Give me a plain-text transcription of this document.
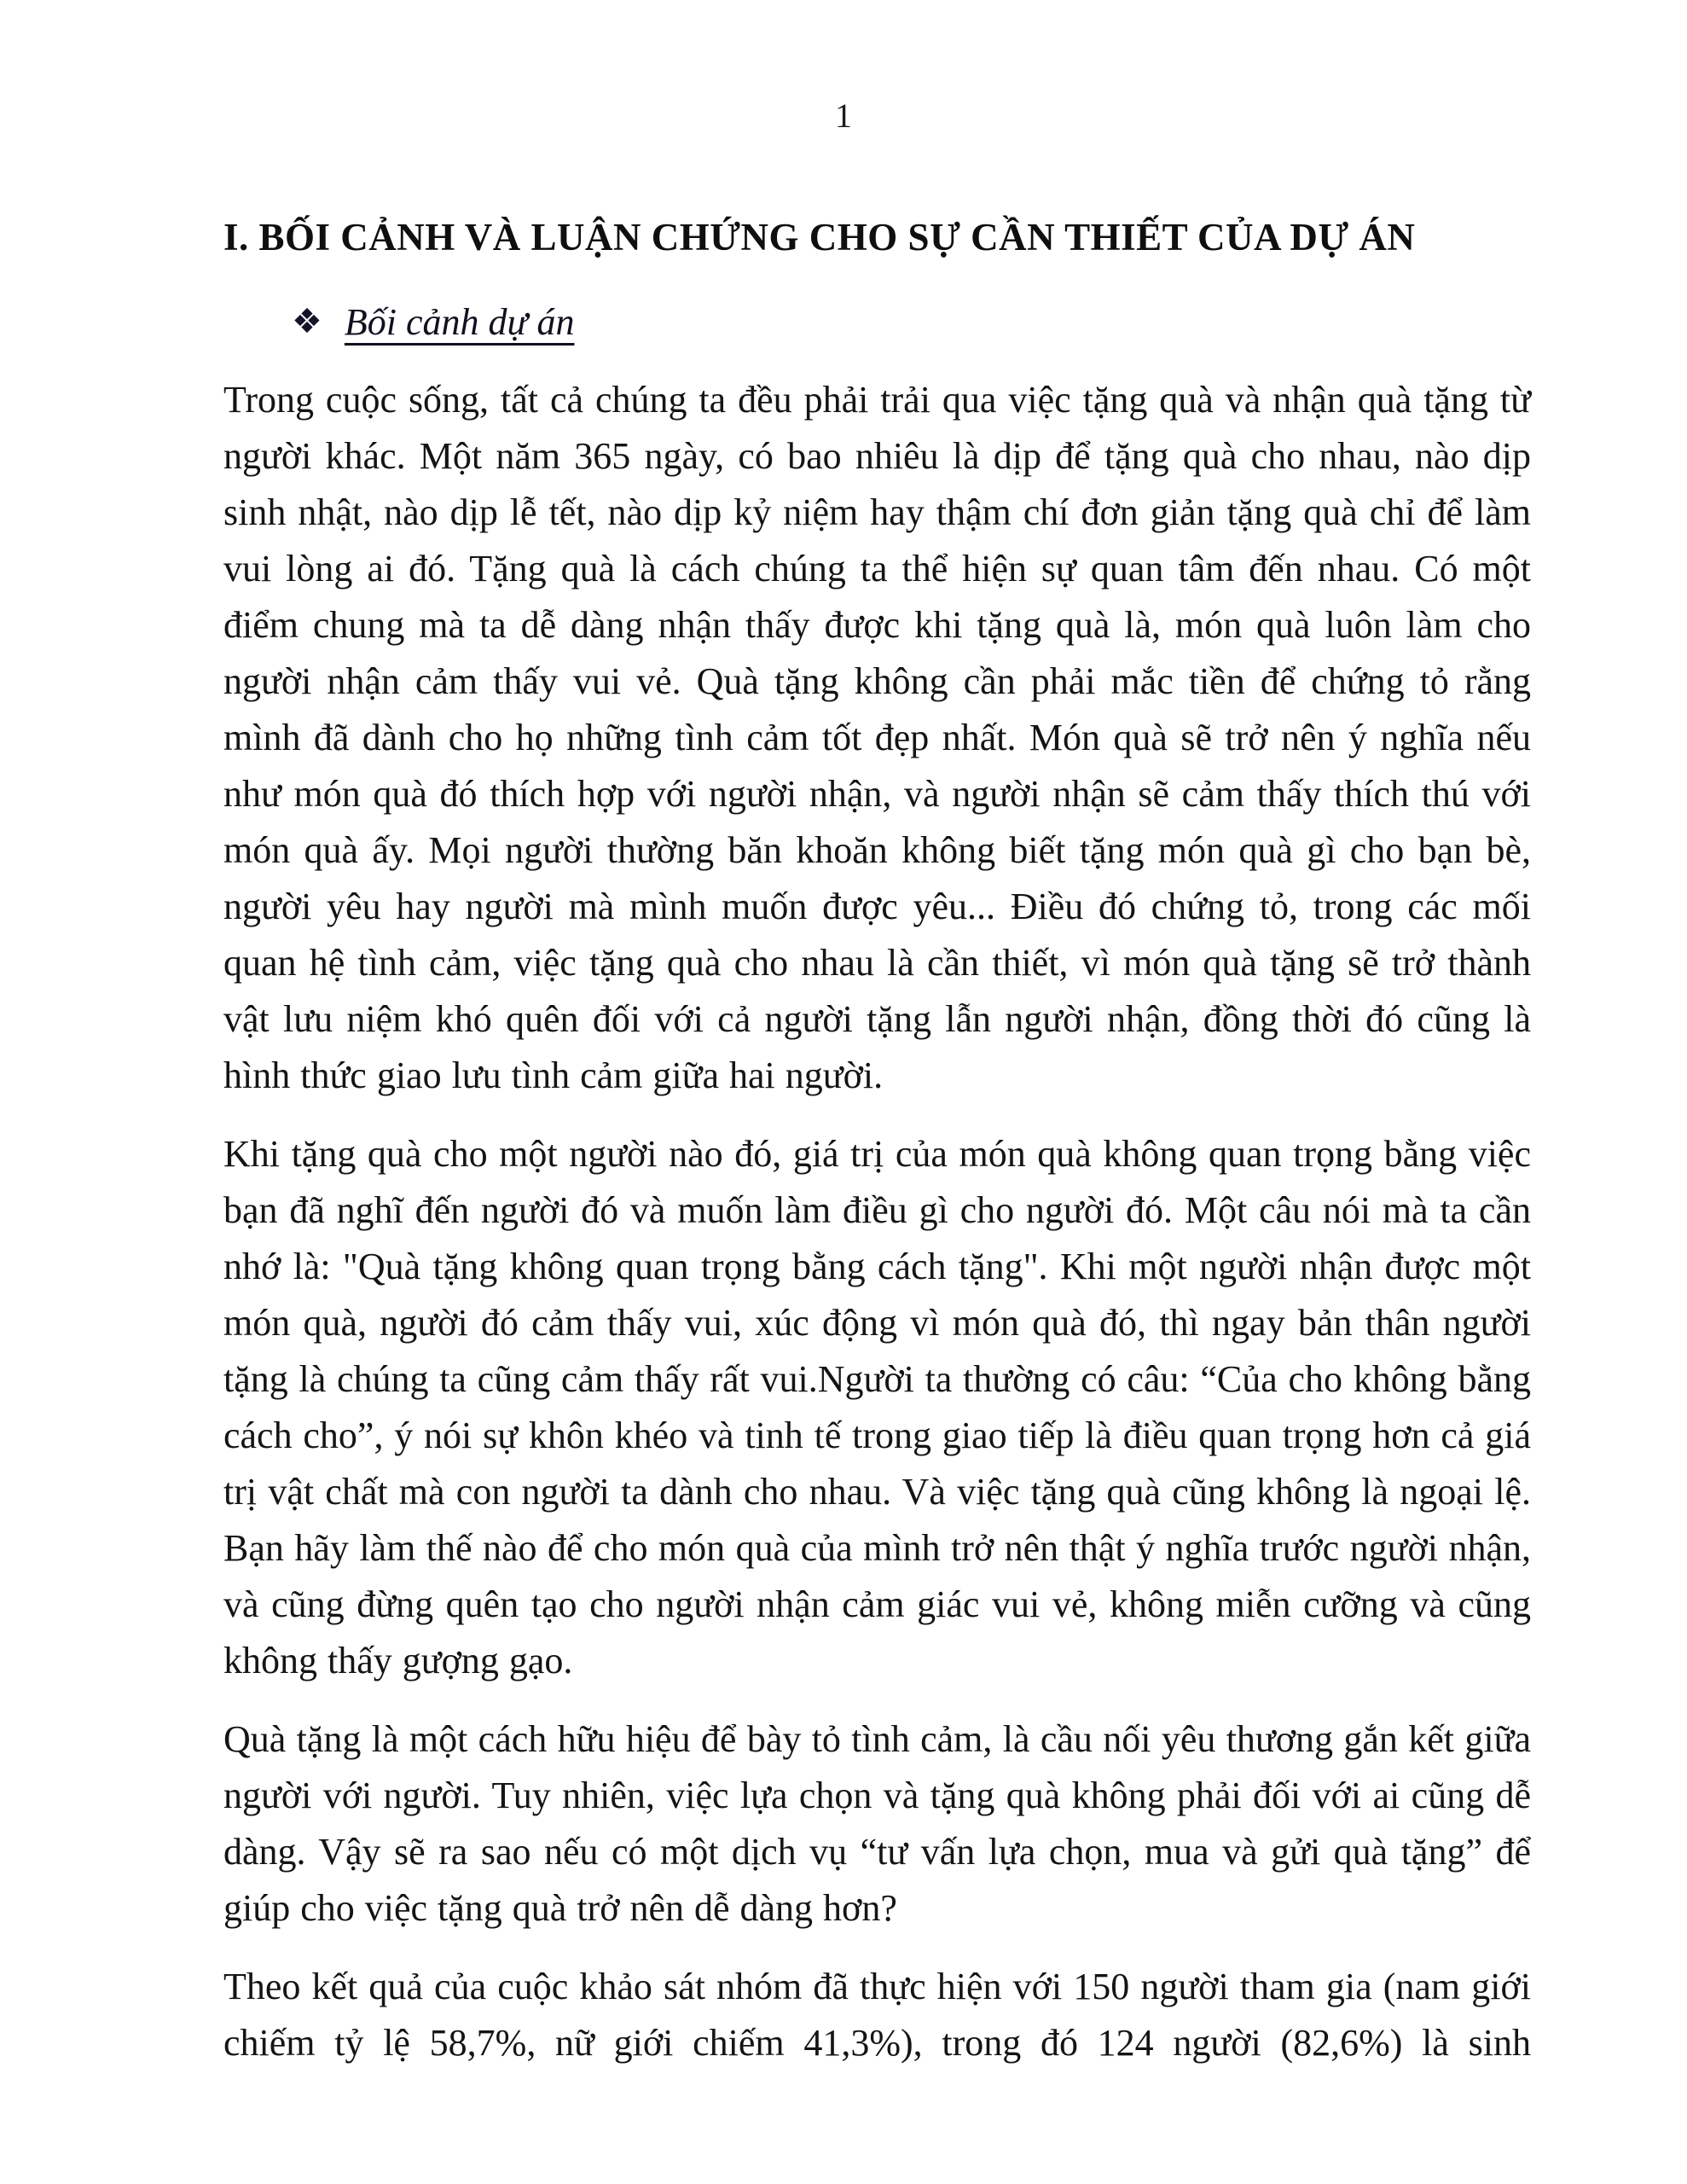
1
I. BỐI CẢNH VÀ LUẬN CHỨNG CHO SỰ CẦN THIẾT CỦA DỰ ÁN
❖ Bối cảnh dự án

Trong cuộc sống, tất cả chúng ta đều phải trải qua việc tặng quà và nhận quà tặng từ người khác. Một năm 365 ngày, có bao nhiêu là dịp để tặng quà cho nhau, nào dịp sinh nhật, nào dịp lễ tết, nào dịp kỷ niệm hay thậm chí đơn giản tặng quà chỉ để làm vui lòng ai đó. Tặng quà là cách chúng ta thể hiện sự quan tâm đến nhau. Có một điểm chung mà ta dễ dàng nhận thấy được khi tặng quà là, món quà luôn làm cho người nhận cảm thấy vui vẻ. Quà tặng không cần phải mắc tiền để chứng tỏ rằng mình đã dành cho họ những tình cảm tốt đẹp nhất. Món quà sẽ trở nên ý nghĩa nếu như món quà đó thích hợp với người nhận, và người nhận sẽ cảm thấy thích thú với món quà ấy. Mọi người thường băn khoăn không biết tặng món quà gì cho bạn bè, người yêu hay người mà mình muốn được yêu... Điều đó chứng tỏ, trong các mối quan hệ tình cảm, việc tặng quà cho nhau là cần thiết, vì món quà tặng sẽ trở thành vật lưu niệm khó quên đối với cả người tặng lẫn người nhận, đồng thời đó cũng là hình thức giao lưu tình cảm giữa hai người.

Khi tặng quà cho một người nào đó, giá trị của món quà không quan trọng bằng việc bạn đã nghĩ đến người đó và muốn làm điều gì cho người đó. Một câu nói mà ta cần nhớ là: "Quà tặng không quan trọng bằng cách tặng". Khi một người nhận được một món quà, người đó cảm thấy vui, xúc động vì món quà đó, thì ngay bản thân người tặng là chúng ta cũng cảm thấy rất vui.Người ta thường có câu: “Của cho không bằng cách cho”, ý nói sự khôn khéo và tinh tế trong giao tiếp là điều quan trọng hơn cả giá trị vật chất mà con người ta dành cho nhau. Và việc tặng quà cũng không là ngoại lệ. Bạn hãy làm thế nào để cho món quà của mình trở nên thật ý nghĩa trước người nhận, và cũng đừng quên tạo cho người nhận cảm giác vui vẻ, không miễn cưỡng và cũng không thấy gượng gạo.

Quà tặng là một cách hữu hiệu để bày tỏ tình cảm, là cầu nối yêu thương gắn kết giữa người với người. Tuy nhiên, việc lựa chọn và tặng quà không phải đối với ai cũng dễ dàng. Vậy sẽ ra sao nếu có một dịch vụ “tư vấn lựa chọn, mua và gửi quà tặng” để giúp cho việc tặng quà trở nên dễ dàng hơn?

Theo kết quả của cuộc khảo sát nhóm đã thực hiện với 150 người tham gia (nam giới chiếm tỷ lệ 58,7%, nữ giới chiếm 41,3%), trong đó 124 người (82,6%) là sinh
